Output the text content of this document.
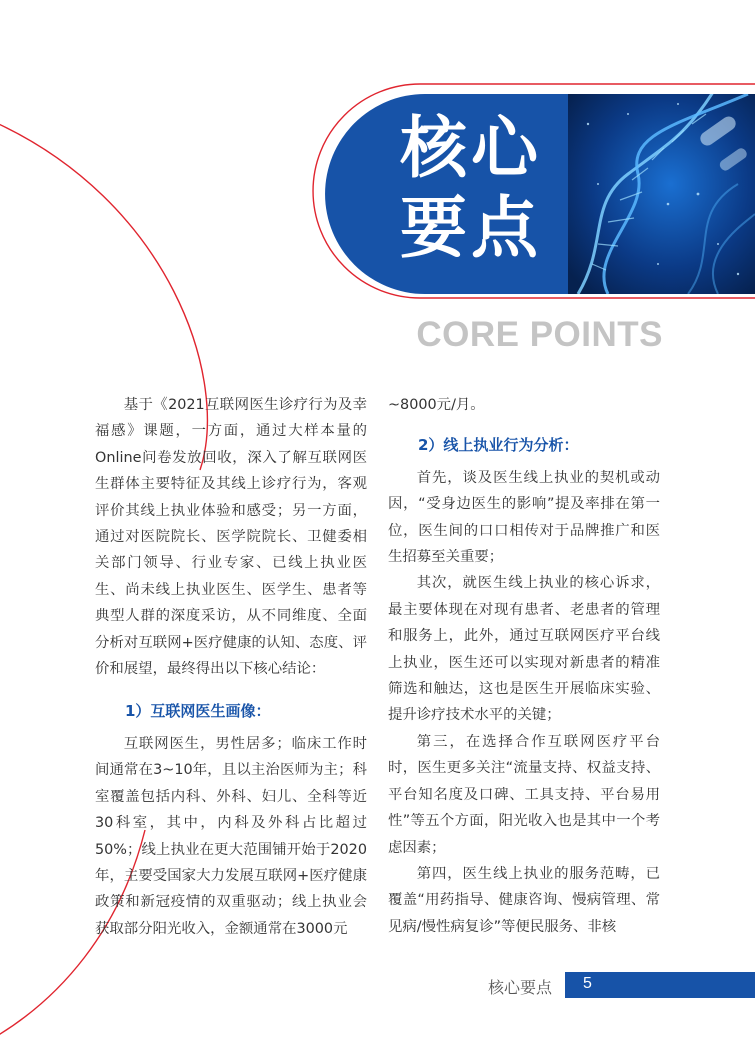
核心
要点
CORE POINTS

基于《2021互联网医生诊疗行为及幸福感》课题，一方面，通过大样本量的Online问卷发放回收，深入了解互联网医生群体主要特征及其线上诊疗行为，客观评价其线上执业体验和感受；另一方面，通过对医院院长、医学院院长、卫健委相关部门领导、行业专家、已线上执业医生、尚未线上执业医生、医学生、患者等典型人群的深度采访，从不同维度、全面分析对互联网+医疗健康的认知、态度、评价和展望，最终得出以下核心结论：

1）互联网医生画像：

互联网医生，男性居多；临床工作时间通常在3~10年，且以主治医师为主；科室覆盖包括内科、外科、妇儿、全科等近30科室，其中，内科及外科占比超过50%；线上执业在更大范围铺开始于2020年，主要受国家大力发展互联网+医疗健康政策和新冠疫情的双重驱动；线上执业会获取部分阳光收入，金额通常在3000元

~8000元/月。

2）线上执业行为分析：

首先，谈及医生线上执业的契机或动因，“受身边医生的影响”提及率排在第一位，医生间的口口相传对于品牌推广和医生招募至关重要；

其次，就医生线上执业的核心诉求，最主要体现在对现有患者、老患者的管理和服务上，此外，通过互联网医疗平台线上执业，医生还可以实现对新患者的精准筛选和触达，这也是医生开展临床实验、提升诊疗技术水平的关键；

第三，在选择合作互联网医疗平台时，医生更多关注“流量支持、权益支持、平台知名度及口碑、工具支持、平台易用性”等五个方面，阳光收入也是其中一个考虑因素；

第四，医生线上执业的服务范畴，已覆盖“用药指导、健康咨询、慢病管理、常见病/慢性病复诊”等便民服务、非核

核心要点 5
